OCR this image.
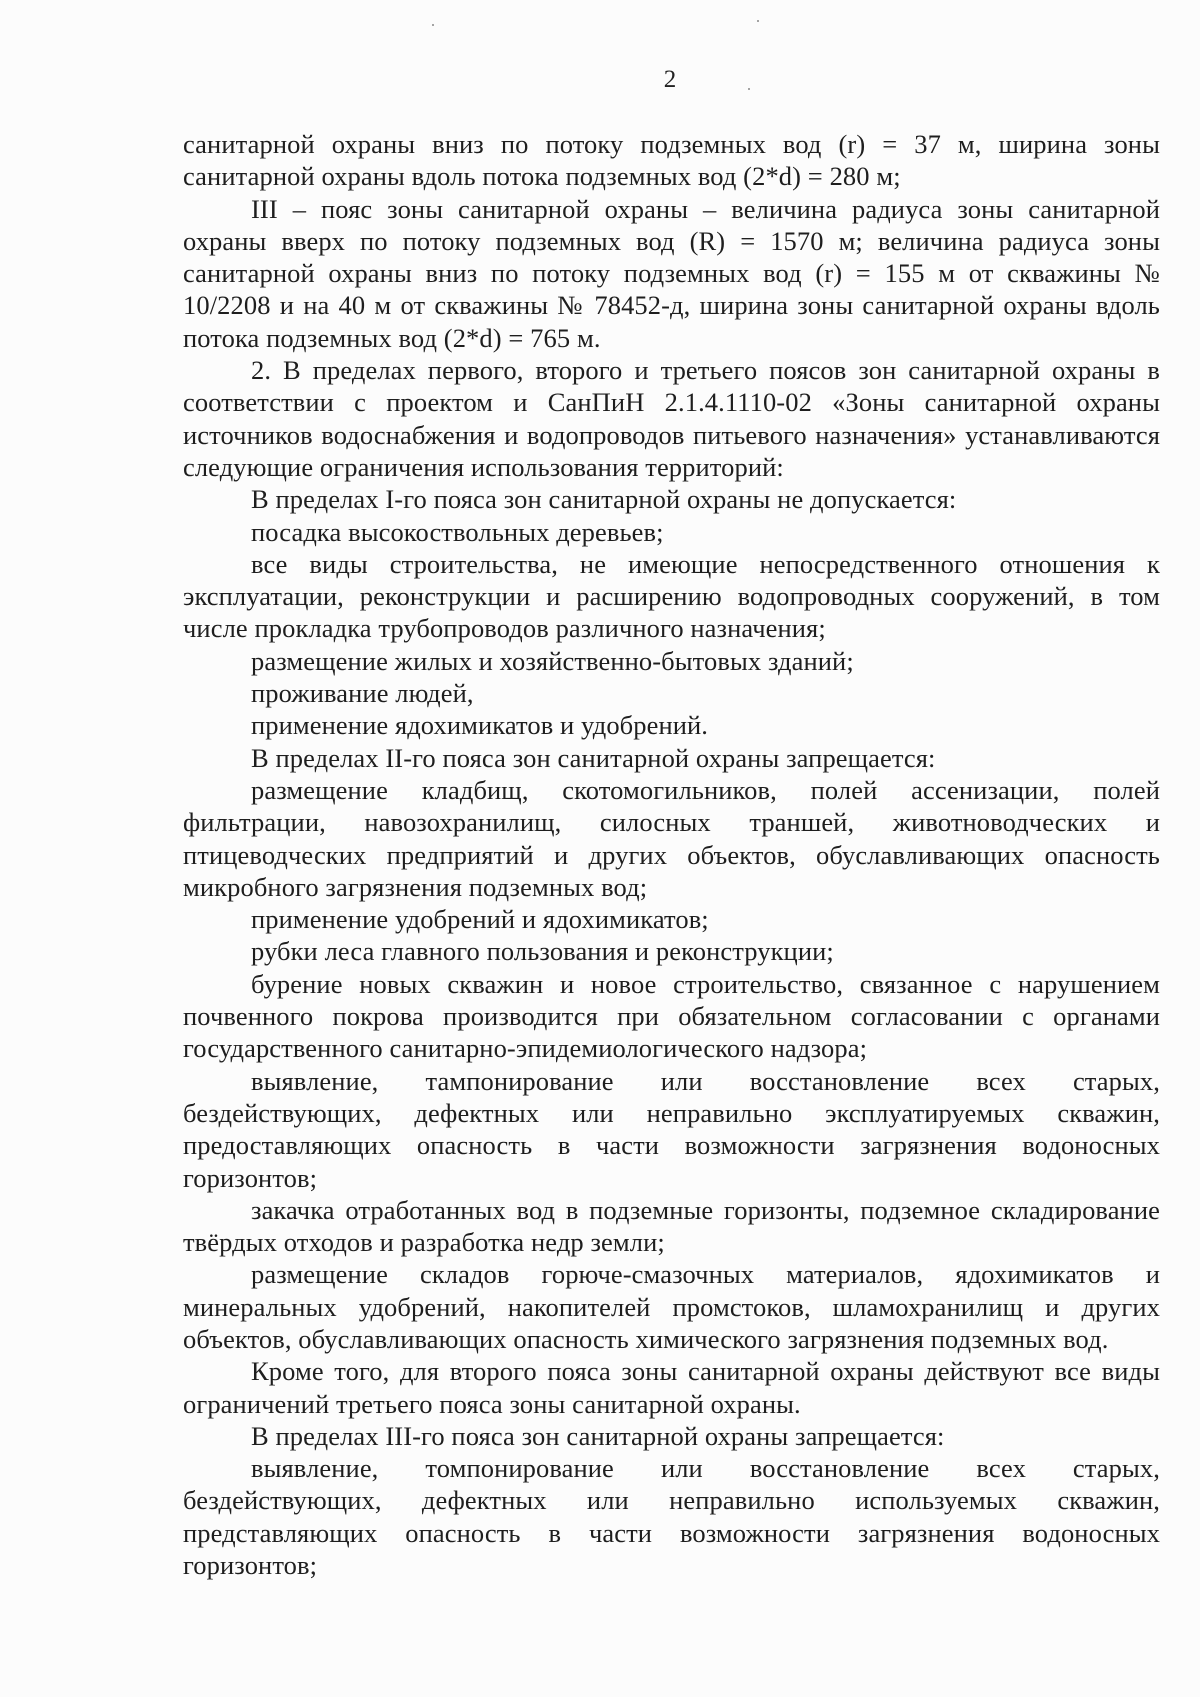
2

санитарной охраны вниз по потоку подземных вод (r) = 37 м, ширина зоны санитарной охраны вдоль потока подземных вод (2*d) = 280 м;

III – пояс зоны санитарной охраны – величина радиуса зоны санитарной охраны вверх по потоку подземных вод (R) = 1570 м; величина радиуса зоны санитарной охраны вниз по потоку подземных вод (r) = 155 м от скважины № 10/2208 и на 40 м от скважины № 78452-д, ширина зоны санитарной охраны вдоль потока подземных вод (2*d) = 765 м.

2. В пределах первого, второго и третьего поясов зон санитарной охраны в соответствии с проектом и СанПиН 2.1.4.1110-02 «Зоны санитарной охраны источников водоснабжения и водопроводов питьевого назначения» устанавливаются следующие ограничения использования территорий:

В пределах I-го пояса зон санитарной охраны не допускается:

посадка высокоствольных деревьев;

все виды строительства, не имеющие непосредственного отношения к эксплуатации, реконструкции и расширению водопроводных сооружений, в том числе прокладка трубопроводов различного назначения;

размещение жилых и хозяйственно-бытовых зданий;

проживание людей,

применение ядохимикатов и удобрений.

В пределах II-го пояса зон санитарной охраны запрещается:

размещение кладбищ, скотомогильников, полей ассенизации, полей фильтрации, навозохранилищ, силосных траншей, животноводческих и птицеводческих предприятий и других объектов, обуславливающих опасность микробного загрязнения подземных вод;

применение удобрений и ядохимикатов;

рубки леса главного пользования и реконструкции;

бурение новых скважин и новое строительство, связанное с нарушением почвенного покрова производится при обязательном согласовании с органами государственного санитарно-эпидемиологического надзора;

выявление, тампонирование или восстановление всех старых, бездействующих, дефектных или неправильно эксплуатируемых скважин, предоставляющих опасность в части возможности загрязнения водоносных горизонтов;

закачка отработанных вод в подземные горизонты, подземное складирование твёрдых отходов и разработка недр земли;

размещение складов горюче-смазочных материалов, ядохимикатов и минеральных удобрений, накопителей промстоков, шламохранилищ и других объектов, обуславливающих опасность химического загрязнения подземных вод.

Кроме того, для второго пояса зоны санитарной охраны действуют все виды ограничений третьего пояса зоны санитарной охраны.

В пределах III-го пояса зон санитарной охраны запрещается:

выявление, томпонирование или восстановление всех старых, бездействующих, дефектных или неправильно используемых скважин, представляющих опасность в части возможности загрязнения водоносных горизонтов;
